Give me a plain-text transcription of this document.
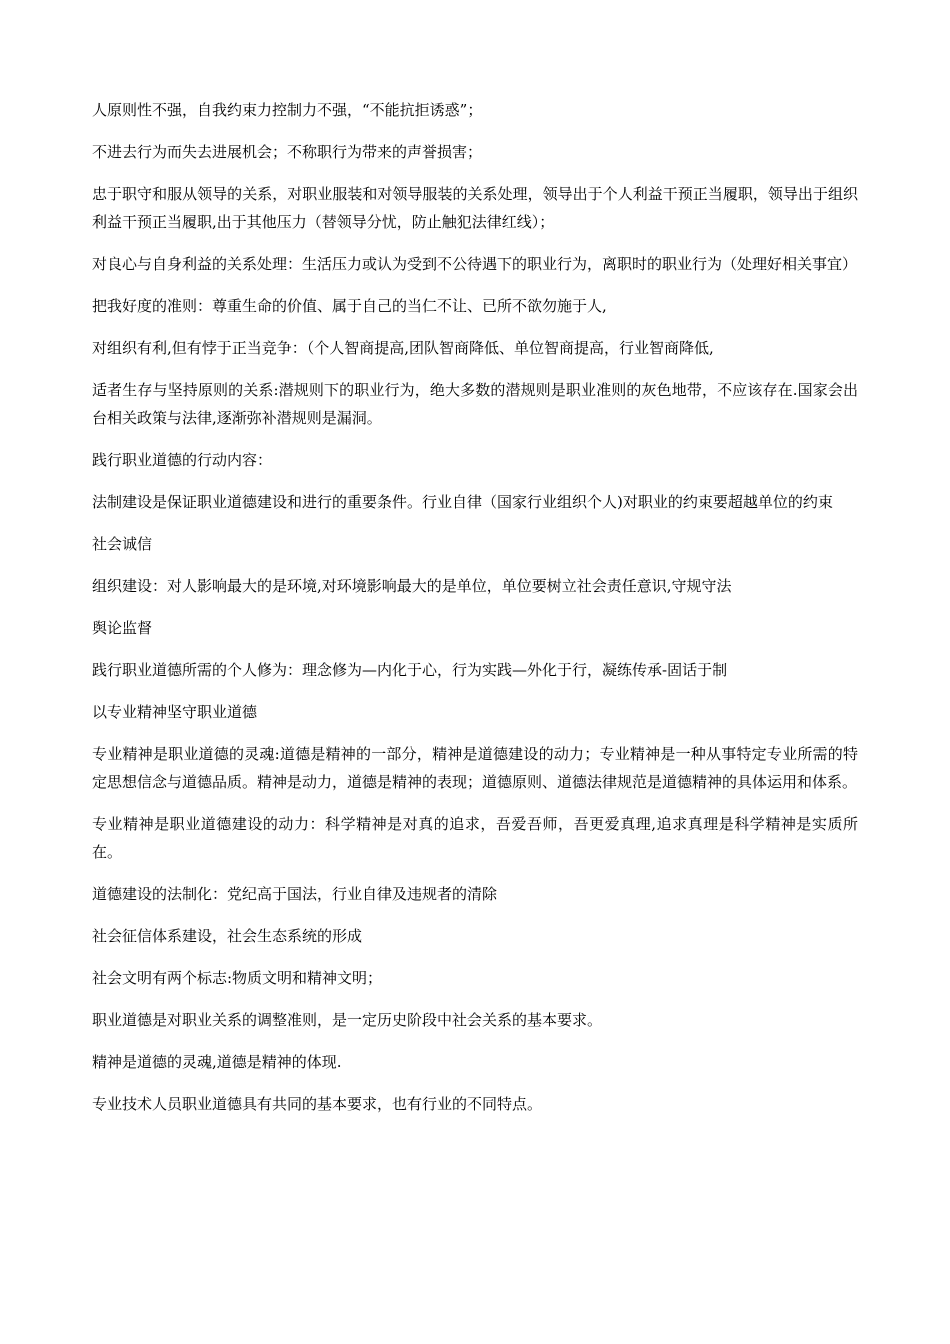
人原则性不强，自我约束力控制力不强，“不能抗拒诱惑”；

不进去行为而失去进展机会；不称职行为带来的声誉损害；

忠于职守和服从领导的关系，对职业服装和对领导服装的关系处理，领导出于个人利益干预正当履职，领导出于组织利益干预正当履职,出于其他压力（替领导分忧，防止触犯法律红线）；

对良心与自身利益的关系处理：生活压力或认为受到不公待遇下的职业行为，离职时的职业行为（处理好相关事宜）

把我好度的准则：尊重生命的价值、属于自己的当仁不让、已所不欲勿施于人,

对组织有利,但有悖于正当竞争：（个人智商提高,团队智商降低、单位智商提高，行业智商降低,

适者生存与坚持原则的关系:潜规则下的职业行为，绝大多数的潜规则是职业准则的灰色地带，不应该存在.国家会出台相关政策与法律,逐渐弥补潜规则是漏洞。

践行职业道德的行动内容：

法制建设是保证职业道德建设和进行的重要条件。行业自律（国家行业组织个人)对职业的约束要超越单位的约束

社会诚信

组织建设：对人影响最大的是环境,对环境影响最大的是单位，单位要树立社会责任意识,守规守法

舆论监督

践行职业道德所需的个人修为：理念修为—内化于心，行为实践—外化于行，凝练传承-固话于制

以专业精神坚守职业道德

专业精神是职业道德的灵魂:道德是精神的一部分，精神是道德建设的动力；专业精神是一种从事特定专业所需的特定思想信念与道德品质。精神是动力，道德是精神的表现；道德原则、道德法律规范是道德精神的具体运用和体系。

专业精神是职业道德建设的动力：科学精神是对真的追求，吾爱吾师，吾更爱真理,追求真理是科学精神是实质所在。

道德建设的法制化：党纪高于国法，行业自律及违规者的清除

社会征信体系建设，社会生态系统的形成

社会文明有两个标志:物质文明和精神文明；

职业道德是对职业关系的调整准则，是一定历史阶段中社会关系的基本要求。

精神是道德的灵魂,道德是精神的体现.

专业技术人员职业道德具有共同的基本要求，也有行业的不同特点。
